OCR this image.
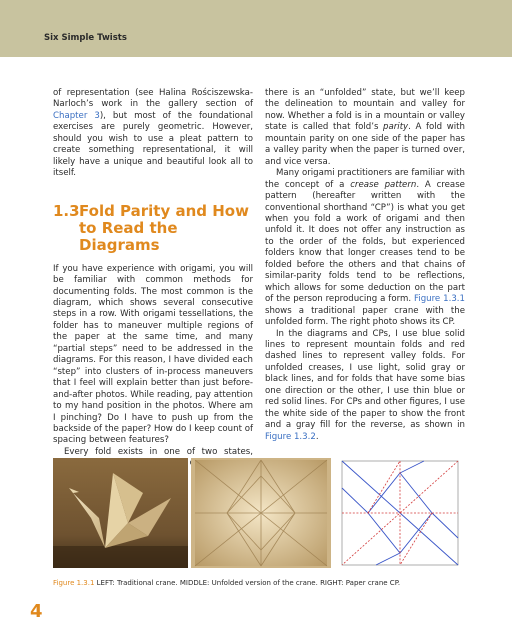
Six Simple Twists

of representation (see Halina Rościszewska-Narloch’s work in the gallery section of Chapter 3), but most of the foundational exercises are purely geometric. However, should you wish to use a pleat pattern to create something representational, it will likely have a unique and beautiful look all to itself.

1.3Fold Parity and How
to Read the Diagrams

If you have experience with origami, you will be familiar with common methods for documenting folds. The most common is the diagram, which shows several consecutive steps in a row. With origami tessellations, the folder has to maneuver multiple regions of the paper at the same time, and many “partial steps” need to be addressed in the diagrams. For this reason, I have divided each “step” into clusters of in-process maneuvers that I feel will explain better than just before-and-after photos. While reading, pay attention to my hand position in the photos. Where am I pinching? Do I have to push up from the backside of the paper? How do I keep count of spacing between features?

Every fold exists in one of two states,

there is an “unfolded” state, but we’ll keep the delineation to mountain and valley for now. Whether a fold is in a mountain or valley state is called that fold’s parity. A fold with mountain parity on one side of the paper has a valley parity when the paper is turned over, and vice versa.

Many origami practitioners are familiar with the concept of a crease pattern. A crease pattern (hereafter written with the conventional shorthand “CP”) is what you get when you fold a work of origami and then unfold it. It does not offer any instruction as to the order of the folds, but experienced folders know that longer creases tend to be folded before the others and that chains of similar-parity folds tend to be reflections, which allows for some deduction on the part of the person reproducing a form. Figure 1.3.1 shows a traditional paper crane with the unfolded form. The right photo shows its CP.

In the diagrams and CPs, I use blue solid lines to represent mountain folds and red dashed lines to represent valley folds. For unfolded creases, I use light, solid gray or black lines, and for folds that have some bias one direction or the other, I use thin blue or red solid lines. For CPs and other figures, I use the white side of the paper to show the front and a gray fill for the reverse, as shown in Figure 1.3.2.

Figure 1.3.1 LEFT: Traditional crane. MIDDLE: Unfolded version of the crane. RIGHT: Paper crane CP.
4
